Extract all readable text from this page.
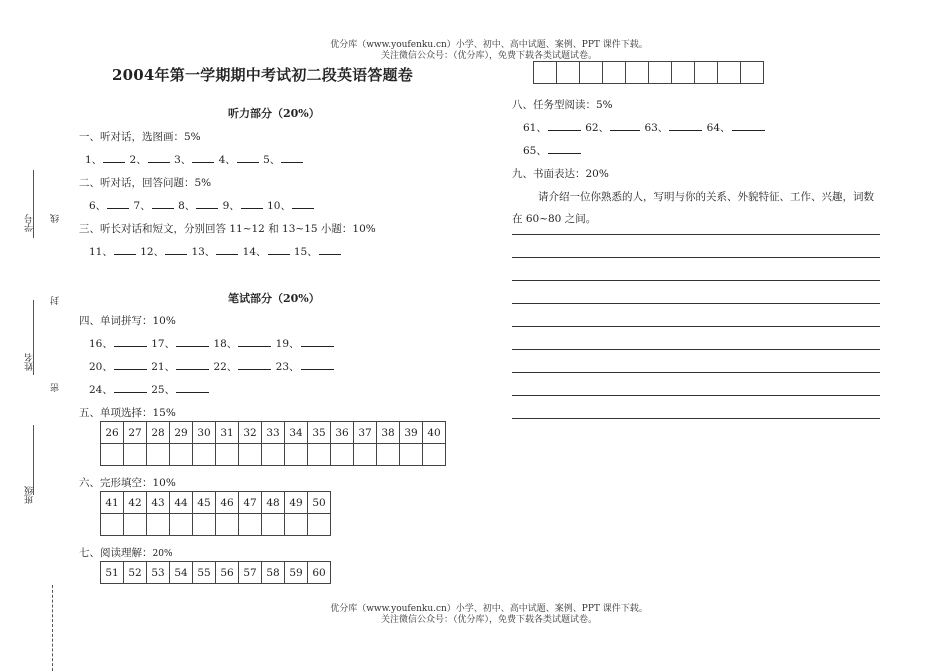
优分库（www.youfenku.cn）小学、初中、高中试题、案例、PPT 课件下载。
关注微信公众号：（优分库），免费下载各类试题试卷。
2004年第一学期期中考试初二段英语答题卷

学号 线
封
姓名
密
班级
听力部分（20%）
一、听对话，选图画：5%
1、	2、	3、	4、	5、
二、听对话，回答问题：5%
6、	7、	8、	9、	10、
三、听长对话和短文，分别回答 11~12 和 13~15 小题：10%
11、	12、	13、	14、	15、
笔试部分（20%）
四、单词拼写：10%
16、	17、	18、	19、
20、	21、	22、	23、
24、	25、
五、单项选择：15%
26	27	28	29	30	31	32	33	34	35	36	37	38	39	40

六、完形填空：10%
41	42	43	44	45	46	47	48	49	50

七、阅读理解：20%
51	52	53	54	55	56	57	58	59	60
八、任务型阅读：5%
61、	62、	63、	64、
65、
九、书面表达：20%
请介绍一位你熟悉的人，写明与你的关系、外貌特征、工作、兴趣，词数
在 60~80 之间。
优分库（www.youfenku.cn）小学、初中、高中试题、案例、PPT 课件下载。
关注微信公众号：（优分库），免费下载各类试题试卷。
